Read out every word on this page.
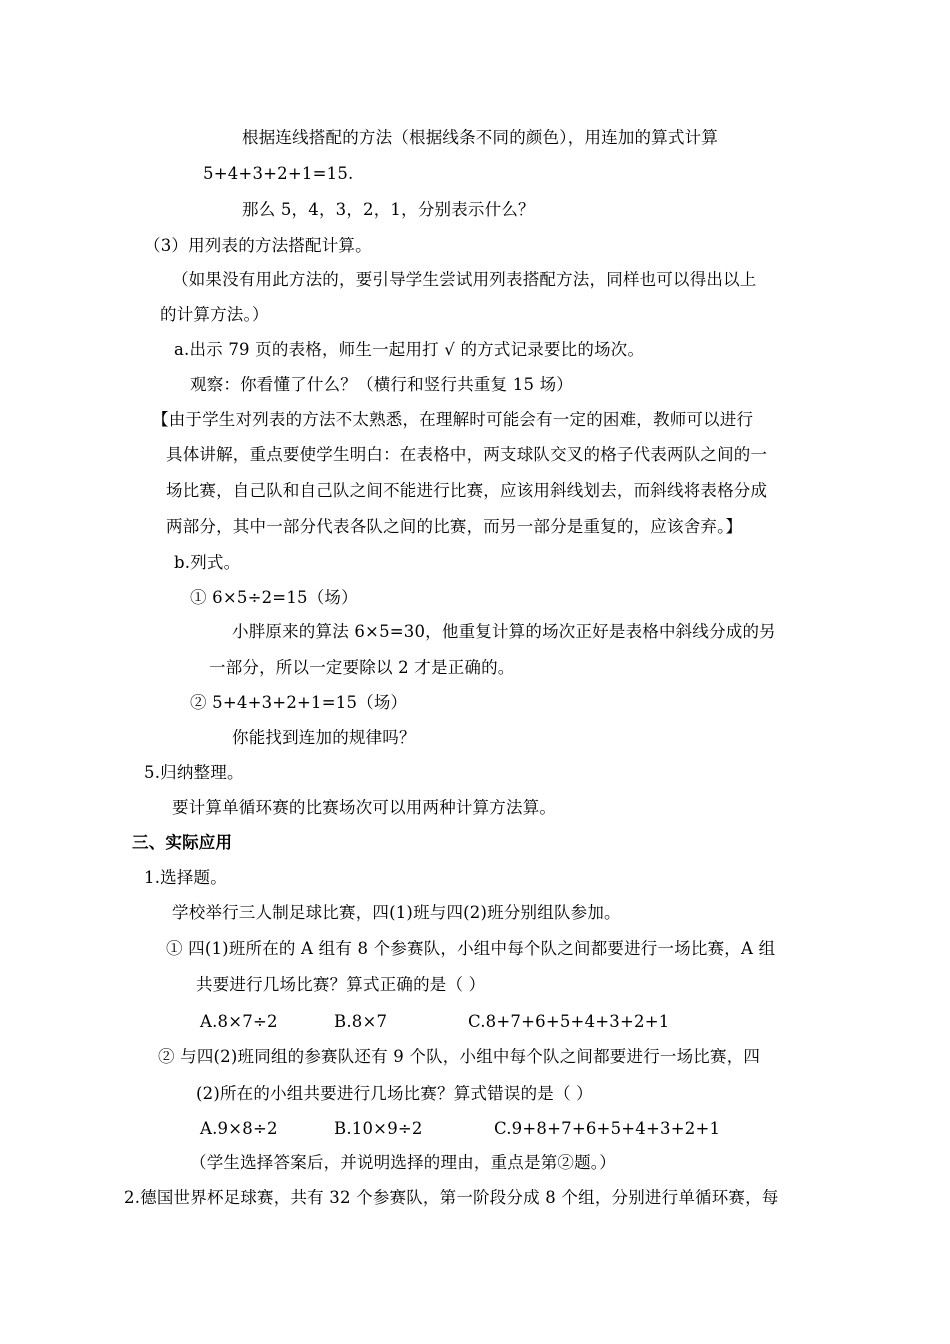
根据连线搭配的方法（根据线条不同的颜色），用连加的算式计算
5+4+3+2+1=15.
那么 5，4，3，2，1，分别表示什么？
（3）用列表的方法搭配计算。
（如果没有用此方法的，要引导学生尝试用列表搭配方法，同样也可以得出以上
的计算方法。）
a.出示 79 页的表格，师生一起用打 √ 的方式记录要比的场次。
观察：你看懂了什么？（横行和竖行共重复 15 场）
【由于学生对列表的方法不太熟悉，在理解时可能会有一定的困难，教师可以进行
具体讲解，重点要使学生明白：在表格中，两支球队交叉的格子代表两队之间的一
场比赛，自己队和自己队之间不能进行比赛，应该用斜线划去，而斜线将表格分成
两部分，其中一部分代表各队之间的比赛，而另一部分是重复的，应该舍弃。】
b.列式。
① 6×5÷2=15（场）
小胖原来的算法 6×5=30，他重复计算的场次正好是表格中斜线分成的另
一部分，所以一定要除以 2 才是正确的。
② 5+4+3+2+1=15（场）
你能找到连加的规律吗？
5.归纳整理。
要计算单循环赛的比赛场次可以用两种计算方法算。
三、实际应用
1.选择题。
学校举行三人制足球比赛，四(1)班与四(2)班分别组队参加。
① 四(1)班所在的 A 组有 8 个参赛队，小组中每个队之间都要进行一场比赛，A 组
共要进行几场比赛？算式正确的是（ ）
A.8×7÷2	B.8×7	C.8+7+6+5+4+3+2+1
② 与四(2)班同组的参赛队还有 9 个队，小组中每个队之间都要进行一场比赛，四
(2)所在的小组共要进行几场比赛？算式错误的是（ ）
A.9×8÷2	B.10×9÷2	C.9+8+7+6+5+4+3+2+1
（学生选择答案后，并说明选择的理由，重点是第②题。）
2.德国世界杯足球赛，共有 32 个参赛队，第一阶段分成 8 个组，分别进行单循环赛，每
